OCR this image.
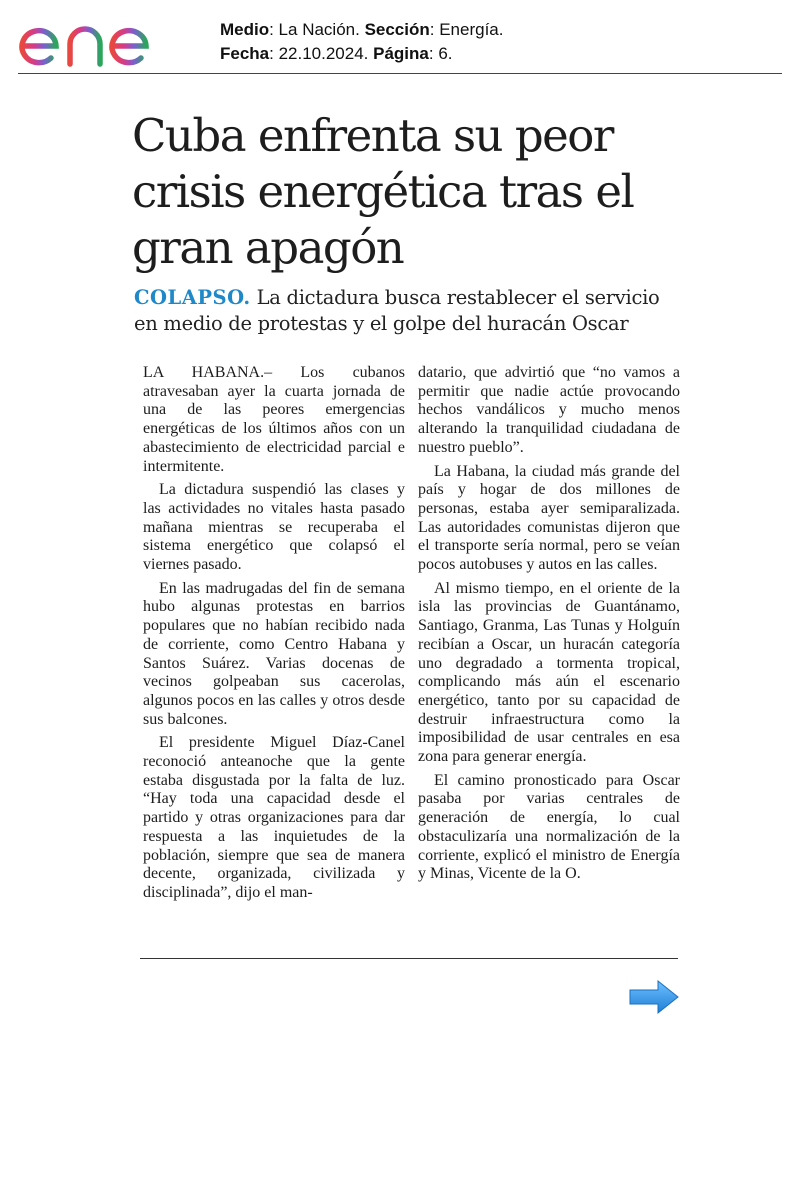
Medio: La Nación. Sección: Energía.
Fecha: 22.10.2024. Página: 6.
Cuba enfrenta su peor crisis energética tras el gran apagón
COLAPSO. La dictadura busca restablecer el servicio en medio de protestas y el golpe del huracán Oscar

LA HABANA.– Los cubanos atravesaban ayer la cuarta jornada de una de las peores emergencias energéticas de los últimos años con un abastecimiento de electricidad parcial e intermitente.

La dictadura suspendió las clases y las actividades no vitales hasta pasado mañana mientras se recuperaba el sistema energético que colapsó el viernes pasado.

En las madrugadas del fin de semana hubo algunas protestas en barrios populares que no habían recibido nada de corriente, como Centro Habana y Santos Suárez. Varias docenas de vecinos golpeaban sus cacerolas, algunos pocos en las calles y otros desde sus balcones.

El presidente Miguel Díaz-Canel reconoció anteanoche que la gente estaba disgustada por la falta de luz. “Hay toda una capacidad desde el partido y otras organizaciones para dar respuesta a las inquietudes de la población, siempre que sea de manera decente, organizada, civilizada y disciplinada”, dijo el man-

datario, que advirtió que “no vamos a permitir que nadie actúe provocando hechos vandálicos y mucho menos alterando la tranquilidad ciudadana de nuestro pueblo”.

La Habana, la ciudad más grande del país y hogar de dos millones de personas, estaba ayer semiparalizada. Las autoridades comunistas dijeron que el transporte sería normal, pero se veían pocos autobuses y autos en las calles.

Al mismo tiempo, en el oriente de la isla las provincias de Guantánamo, Santiago, Granma, Las Tunas y Holguín recibían a Oscar, un huracán categoría uno degradado a tormenta tropical, complicando más aún el escenario energético, tanto por su capacidad de destruir infraestructura como la imposibilidad de usar centrales en esa zona para generar energía.

El camino pronosticado para Oscar pasaba por varias centrales de generación de energía, lo cual obstaculizaría una normalización de la corriente, explicó el ministro de Energía y Minas, Vicente de la O.
